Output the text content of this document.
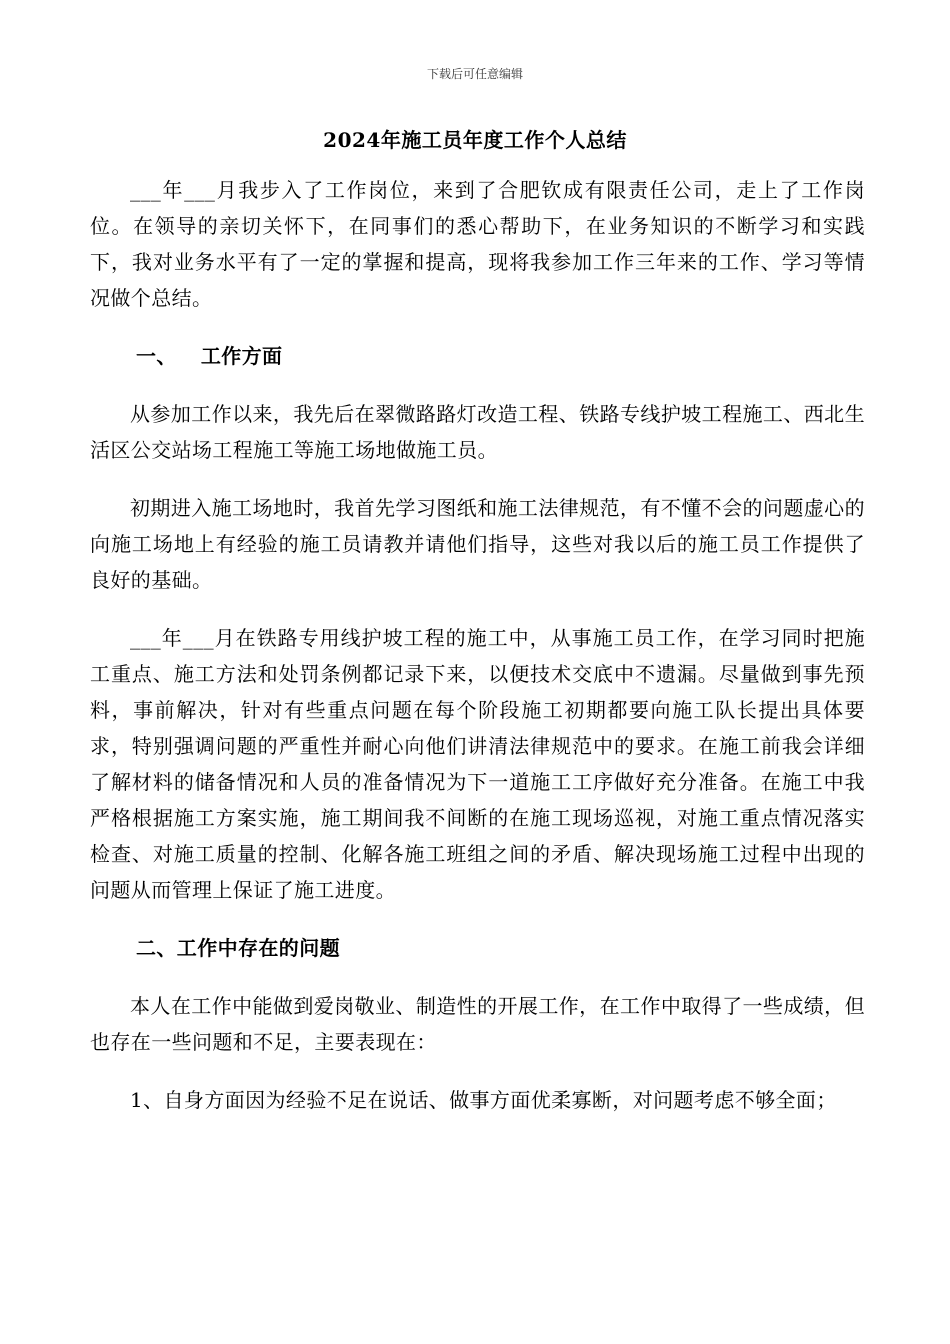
下载后可任意编辑
2024年施工员年度工作个人总结

___年___月我步入了工作岗位，来到了合肥钦成有限责任公司，走上了工作岗位。在领导的亲切关怀下，在同事们的悉心帮助下，在业务知识的不断学习和实践下，我对业务水平有了一定的掌握和提高，现将我参加工作三年来的工作、学习等情况做个总结。

一、 工作方面

从参加工作以来，我先后在翠微路路灯改造工程、铁路专线护坡工程施工、西北生活区公交站场工程施工等施工场地做施工员。

初期进入施工场地时，我首先学习图纸和施工法律规范，有不懂不会的问题虚心的向施工场地上有经验的施工员请教并请他们指导，这些对我以后的施工员工作提供了良好的基础。

___年___月在铁路专用线护坡工程的施工中，从事施工员工作，在学习同时把施工重点、施工方法和处罚条例都记录下来，以便技术交底中不遗漏。尽量做到事先预料，事前解决，针对有些重点问题在每个阶段施工初期都要向施工队长提出具体要求，特别强调问题的严重性并耐心向他们讲清法律规范中的要求。在施工前我会详细了解材料的储备情况和人员的准备情况为下一道施工工序做好充分准备。在施工中我严格根据施工方案实施，施工期间我不间断的在施工现场巡视，对施工重点情况落实检查、对施工质量的控制、化解各施工班组之间的矛盾、解决现场施工过程中出现的问题从而管理上保证了施工进度。

二、工作中存在的问题

本人在工作中能做到爱岗敬业、制造性的开展工作，在工作中取得了一些成绩，但也存在一些问题和不足，主要表现在：

1、自身方面因为经验不足在说话、做事方面优柔寡断，对问题考虑不够全面；
